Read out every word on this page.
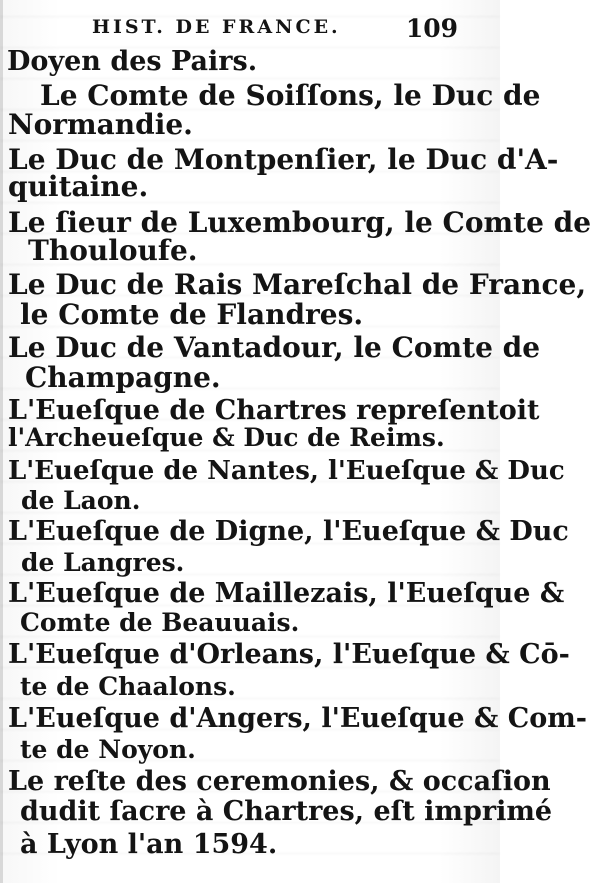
HIST. DE FRANCE.	109
Doyen des Pairs.
Le Comte de Soiſſons, le Duc de
Normandie.
Le Duc de Montpenſier, le Duc d'A-
quitaine.
Le ſieur de Luxembourg, le Comte de
Thouloufe.
Le Duc de Rais Mareſchal de France,
le Comte de Flandres.
Le Duc de Vantadour, le Comte de
Champagne.
L'Eueſque de Chartres repreſentoit
l'Archeueſque & Duc de Reims.
L'Eueſque de Nantes, l'Eueſque & Duc
de Laon.
L'Eueſque de Digne, l'Eueſque & Duc
de Langres.
L'Eueſque de Maillezais, l'Eueſque &
Comte de Beauuais.
L'Eueſque d'Orleans, l'Eueſque & Cō-
te de Chaalons.
L'Eueſque d'Angers, l'Eueſque & Com-
te de Noyon.
Le reſte des ceremonies, & occaſion
dudit ſacre à Chartres, eſt imprimé
à Lyon l'an 1594.
